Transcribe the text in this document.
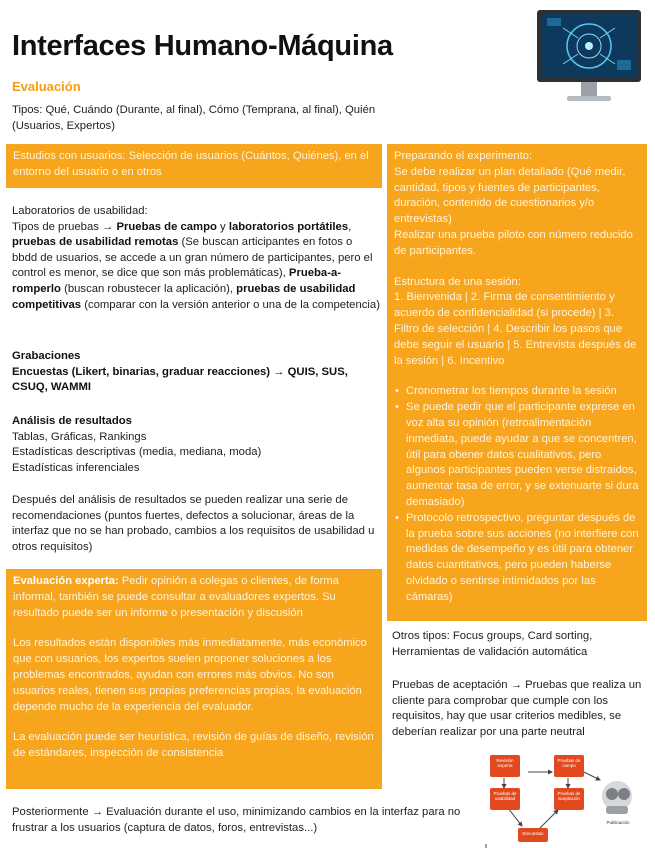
Interfaces Humano-Máquina
Evaluación
Tipos: Qué, Cuándo (Durante, al final), Cómo (Temprana, al final), Quién (Usuarios, Expertos)
Estudios con usuarios: Selección de usuarios (Cuántos, Quiénes), en el entorno del usuario o en otros
Laboratorios de usabilidad:
Tipos de pruebas → Pruebas de campo y laboratorios portátiles, pruebas de usabilidad remotas (Se buscan articipantes en fotos o bbdd de usuarios, se accede a un gran número de participantes, pero el control es menor, se dice que son más problemáticas), Prueba-a-romperlo (buscan robustecer la aplicación), pruebas de usabilidad competitivas (comparar con la versión anterior o una de la competencia)
Grabaciones
Encuestas (Likert, binarias, graduar reacciones) → QUIS, SUS, CSUQ, WAMMI
Análisis de resultados
Tablas, Gráficas, Rankings
Estadísticas descriptivas (media, mediana, moda)
Estadísticas inferenciales
Después del análisis de resultados se pueden realizar una serie de recomendaciones (puntos fuertes, defectos a solucionar, áreas de la interfaz que no se han probado, cambios a los requisitos de usabilidad u otros requisitos)
Evaluación experta: Pedir opinión a colegas o clientes, de forma informal, también se puede consultar a evaluadores expertos. Su resultado puede ser un informe o presentación y discusión
Los resultados están disponibles más inmediatamente, más económico que con usuarios, los expertos suelen proponer soluciones a los problemas encontrados, ayudan con errores más obvios. No son usuarios reales, tienen sus propias preferencias propias, la evaluación depende mucho de la experiencia del evaluador.
La evaluación puede ser heurística, revisión de guías de diseño, revisión de estándares, inspección de consistencia
Posteriormente → Evaluación durante el uso, minimizando cambios en la interfaz para no frustrar a los usuarios (captura de datos, foros, entrevistas...)
Preparando el experimento:
Se debe realizar un plan detallado (Qué medir, cantidad, tipos y fuentes de participantes, duración, contenido de cuestionarios y/o entrevistas)
Realizar una prueba piloto con número reducido de participantes.
Estructura de una sesión:
1. Bienvenida | 2. Firma de consentimiento y acuerdo de confidencialidad (si procede) | 3. Filtro de selección | 4. Describir los pasos que debe seguir el usuario | 5. Entrevista después de la sesión | 6. Incentivo
• Cronometrar los tiempos durante la sesión
• Se puede pedir que el participante exprese en voz alta su opinión (retroalimentación inmediata, puede ayudar a que se concentren, útil para obener datos cualitativos, pero algunos participantes pueden verse distraidos, aumentar tasa de error, y se extenuarte si dura demasiado)
• Protocolo retrospectivo, preguntar después de la prueba sobre sus acciones (no interfiere con medidas de desempeño y es útil para obtener datos cuantitativos, pero pueden haberse olvidado o sentirse intimidados por las cámaras)
Otros tipos: Focus groups, Card sorting, Herramientas de validación automática
Pruebas de aceptación → Pruebas que realiza un cliente para comprobar que cumple con los requisitos, hay que usar criterios medibles, se deberían realizar por una parte neutral
Revisión experta
Pruebas de campo
Pruebas de usabilidad
Pruebas de aceptación
Encuestas
Publicación
